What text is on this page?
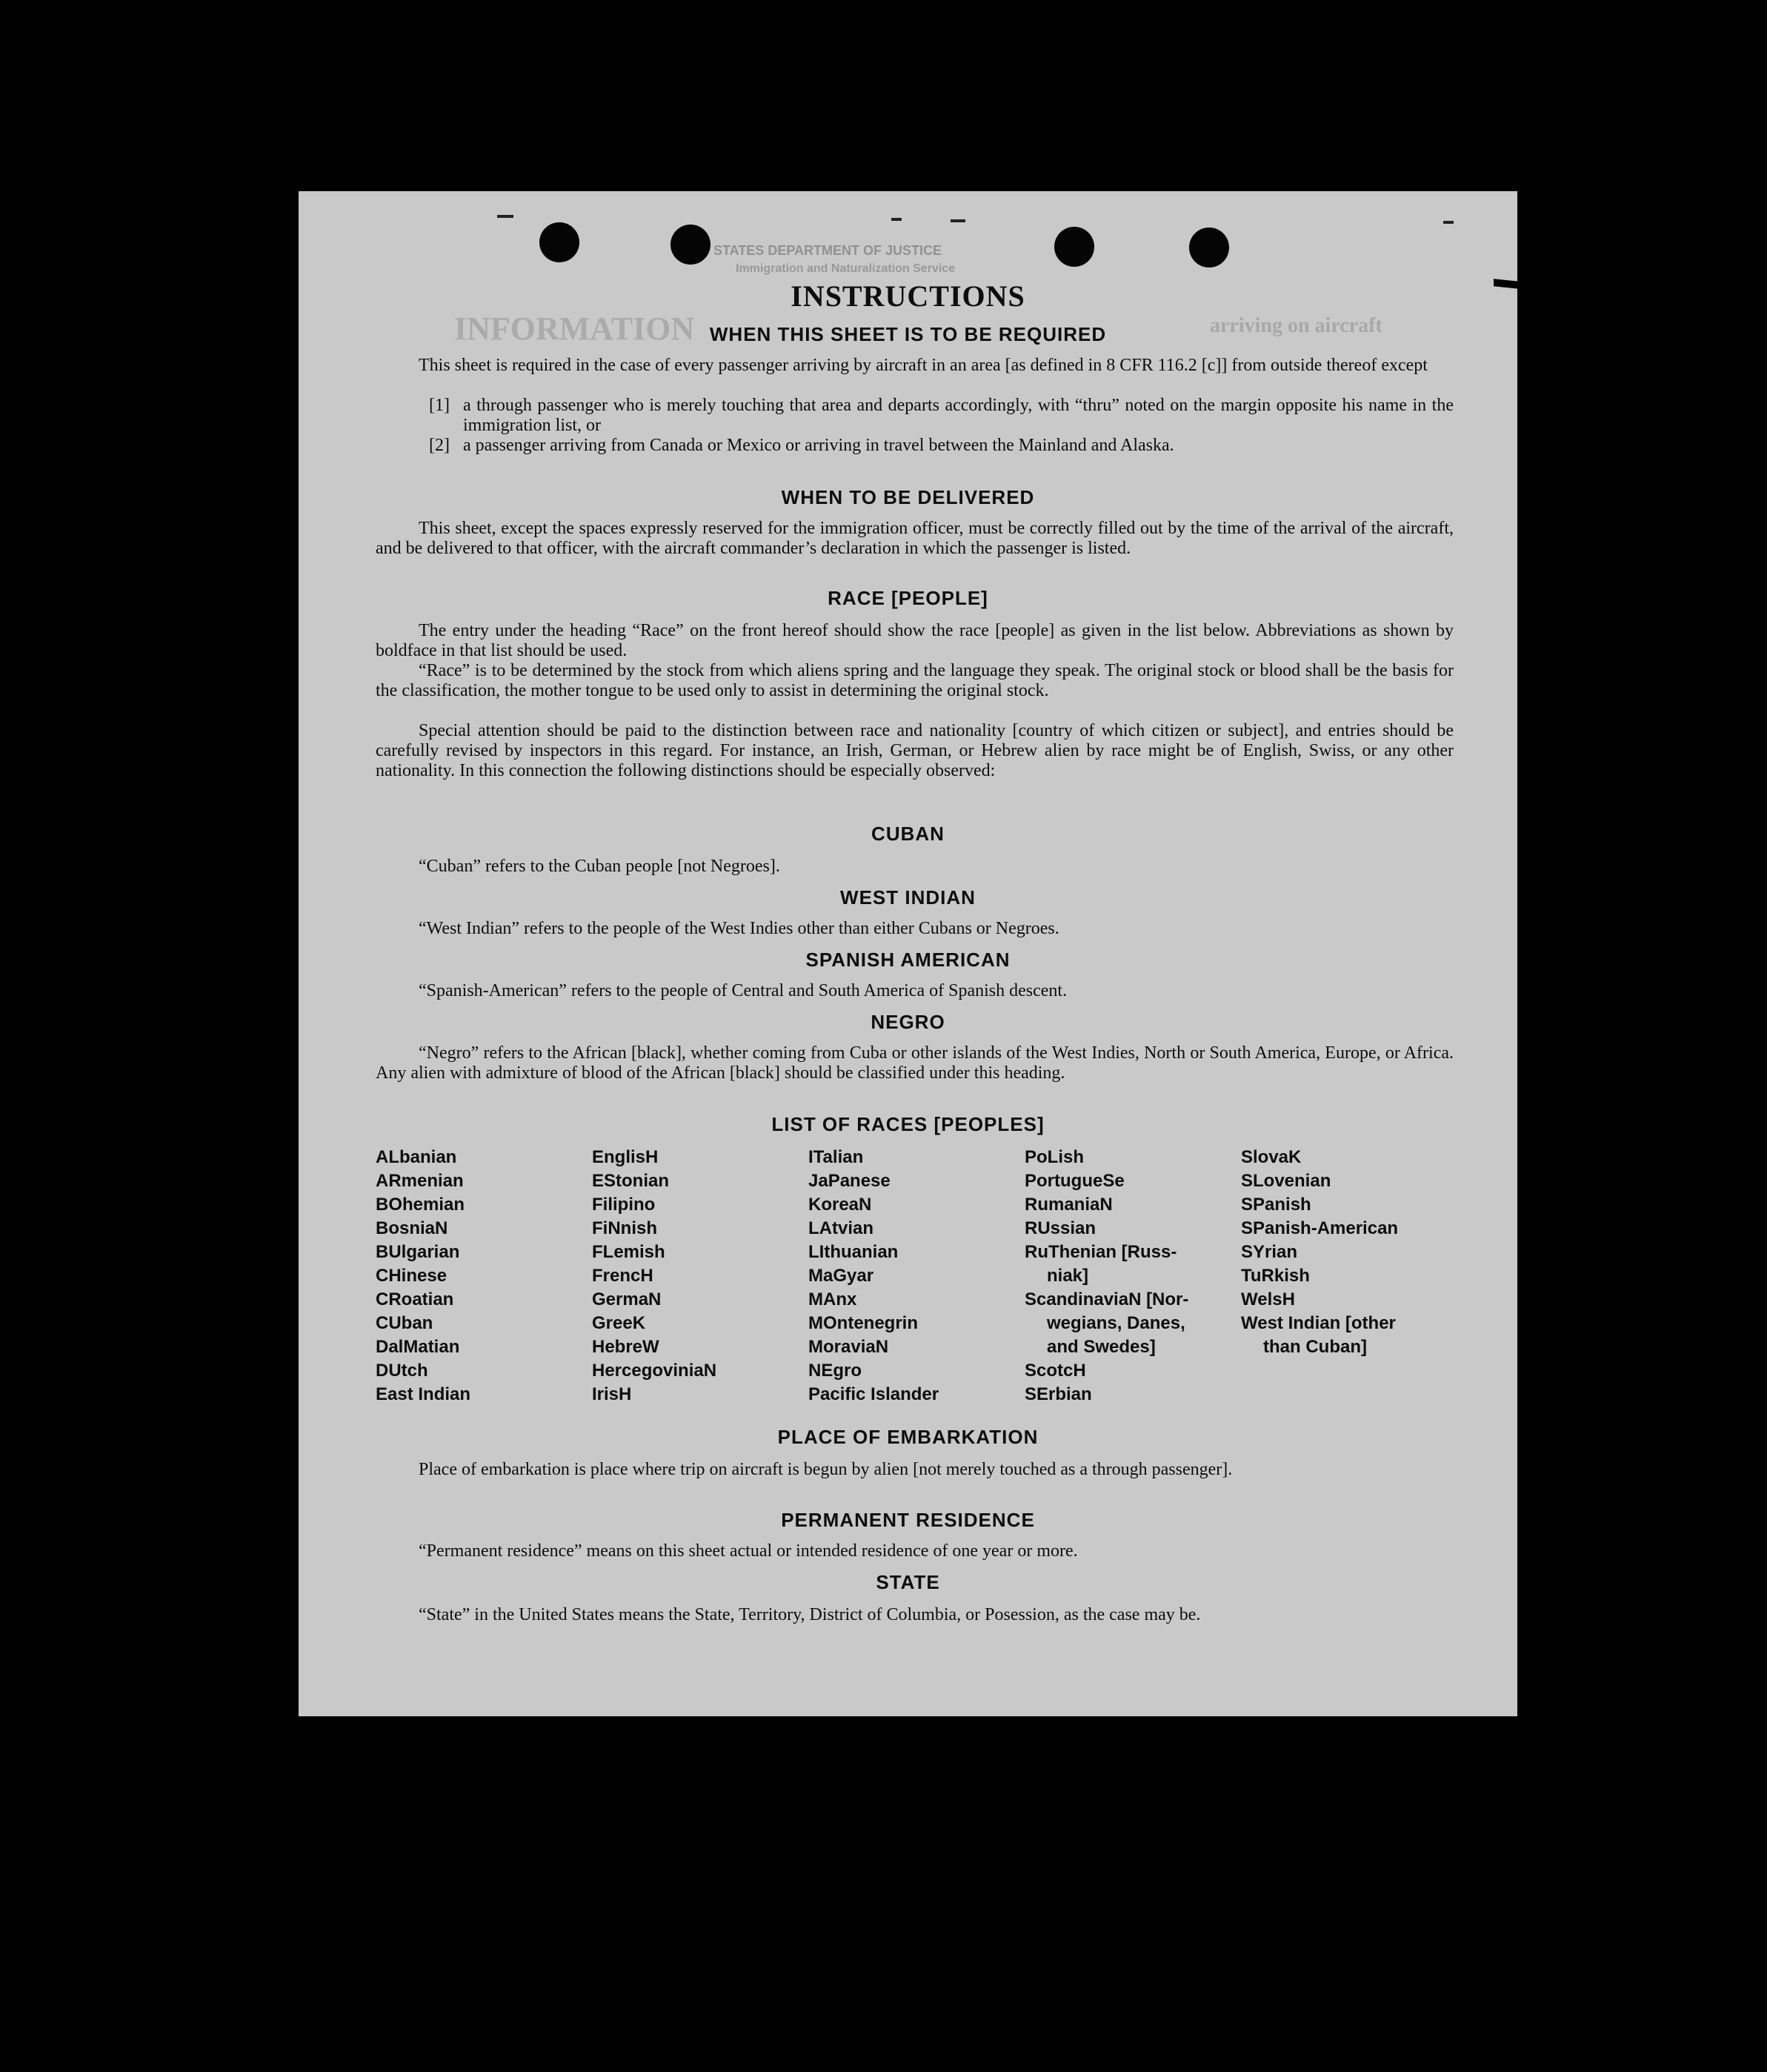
STATES DEPARTMENT OF JUSTICE
Immigration and Naturalization Service
INFORMATION	arriving on aircraft
INSTRUCTIONS
WHEN THIS SHEET IS TO BE REQUIRED

This sheet is required in the case of every passenger arriving by aircraft in an area [as defined in 8 CFR 116.2 [c]] from outside thereof except

[1] a through passenger who is merely touching that area and departs accordingly, with “thru” noted on the margin opposite his name in the immigration list, or

[2] a passenger arriving from Canada or Mexico or arriving in travel between the Mainland and Alaska.

WHEN TO BE DELIVERED

This sheet, except the spaces expressly reserved for the immigration officer, must be correctly filled out by the time of the arrival of the aircraft, and be delivered to that officer, with the aircraft commander’s declaration in which the passenger is listed.

RACE [PEOPLE]

The entry under the heading “Race” on the front hereof should show the race [people] as given in the list below. Abbreviations as shown by boldface in that list should be used.

“Race” is to be determined by the stock from which aliens spring and the language they speak. The original stock or blood shall be the basis for the classification, the mother tongue to be used only to assist in determining the original stock.

Special attention should be paid to the distinction between race and nationality [country of which citizen or subject], and entries should be carefully revised by inspectors in this regard. For instance, an Irish, German, or Hebrew alien by race might be of English, Swiss, or any other nationality. In this connection the following distinctions should be especially observed:

CUBAN

“Cuban” refers to the Cuban people [not Negroes].

WEST INDIAN

“West Indian” refers to the people of the West Indies other than either Cubans or Negroes.

SPANISH AMERICAN

“Spanish-American” refers to the people of Central and South America of Spanish descent.

NEGRO

“Negro” refers to the African [black], whether coming from Cuba or other islands of the West Indies, North or South America, Europe, or Africa. Any alien with admixture of blood of the African [black] should be classified under this heading.

LIST OF RACES [PEOPLES]
ALbanian
ARmenian
BOhemian
BosniaN
BUlgarian
CHinese
CRoatian
CUban
DalMatian
DUtch
East Indian
EnglisH
EStonian
Filipino
FiNnish
FLemish
FrencH
GermaN
GreeK
HebreW
HercegoviniaN
IrisH
ITalian
JaPanese
KoreaN
LAtvian
LIthuanian
MaGyar
MAnx
MOntenegrin
MoraviaN
NEgro
Pacific Islander
PoLish
PortugueSe
RumaniaN
RUssian
RuThenian [Russ-
niak]
ScandinaviaN [Nor-
wegians, Danes,
and Swedes]
ScotcH
SErbian
SlovaK
SLovenian
SPanish
SPanish-American
SYrian
TuRkish
WelsH
West Indian [other
than Cuban]
PLACE OF EMBARKATION

Place of embarkation is place where trip on aircraft is begun by alien [not merely touched as a through passenger].

PERMANENT RESIDENCE

“Permanent residence” means on this sheet actual or intended residence of one year or more.

STATE

“State” in the United States means the State, Territory, District of Columbia, or Posession, as the case may be.
